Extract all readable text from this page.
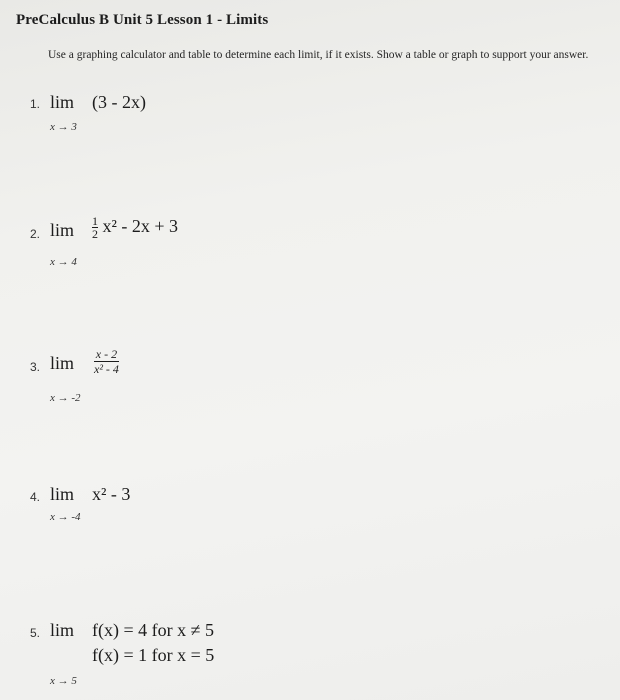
PreCalculus B Unit 5 Lesson 1 - Limits
Use a graphing calculator and table to determine each limit, if it exists. Show a table or graph to support your answer.
1. lim (3 - 2x)
x → 3
2. $\lim \frac{1}{2} x^2 - 2x + 3$
x → 4
3. $\lim \frac{x - 2}{\text{x² - 4}}$
x → -2
4. lim x² - 3
x → -4
5. lim f(x) = 4 for x ≠ 5
f(x) = 1 for x = 5
x → 5
